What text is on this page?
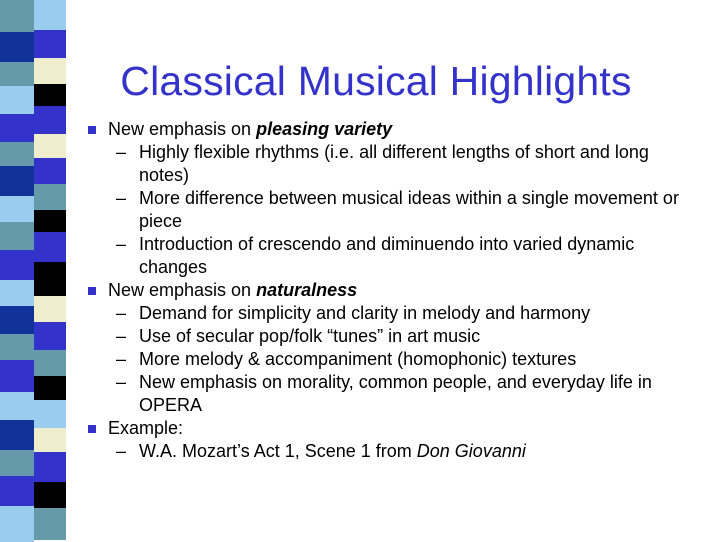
Classical Musical Highlights
New emphasis on pleasing variety
– Highly flexible rhythms (i.e. all different lengths of short and long notes)
– More difference between musical ideas within a single movement or piece
– Introduction of crescendo and diminuendo into varied dynamic changes
New emphasis on naturalness
– Demand for simplicity and clarity in melody and harmony
– Use of secular pop/folk “tunes” in art music
– More melody & accompaniment (homophonic) textures
– New emphasis on morality, common people, and everyday life in OPERA
Example:
– W.A. Mozart’s Act 1, Scene 1 from Don Giovanni
